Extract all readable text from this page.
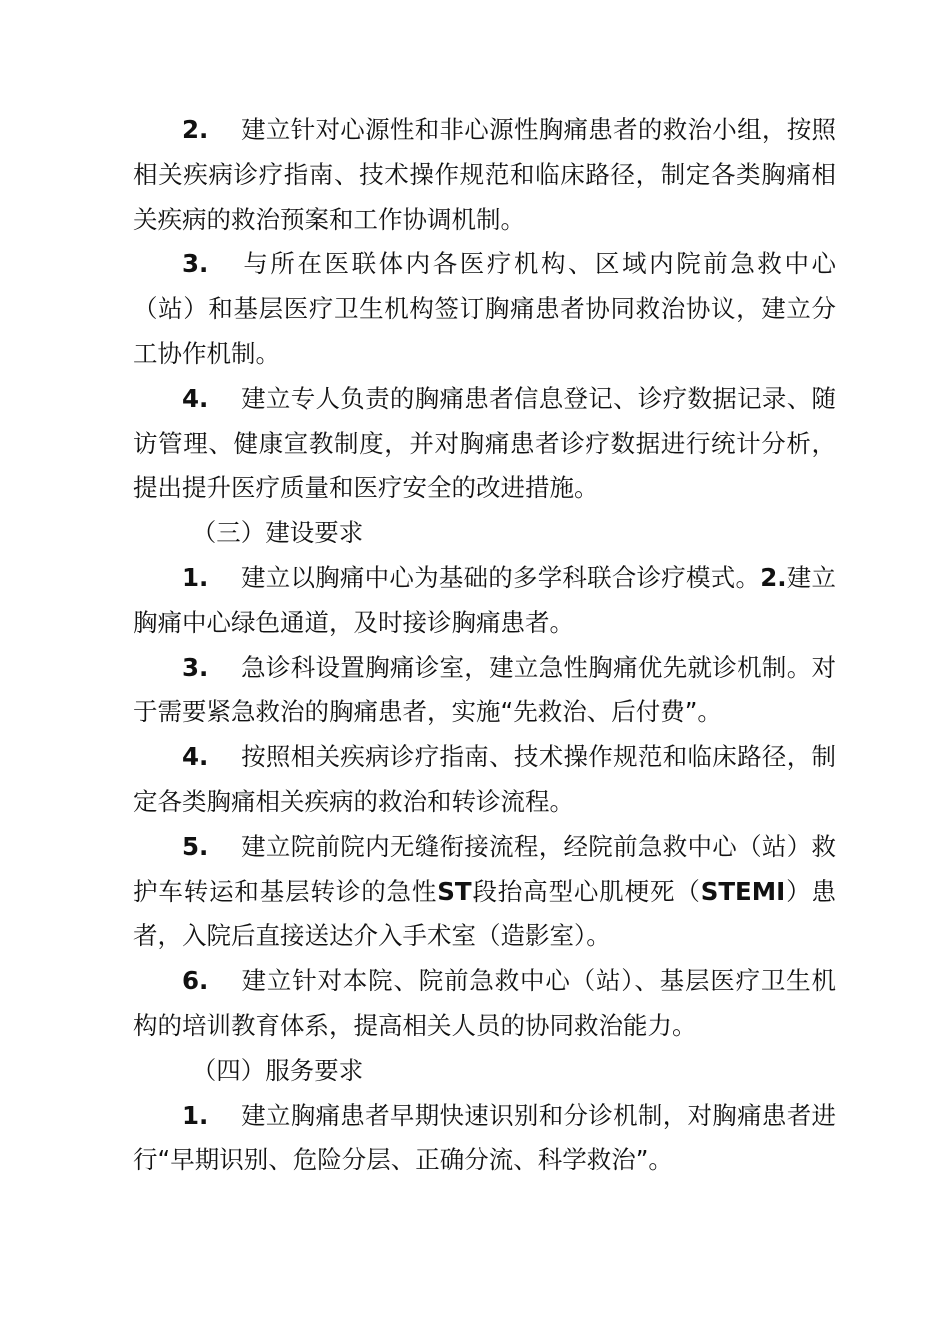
2. 建立针对心源性和非心源性胸痛患者的救治小组，按照相关疾病诊疗指南、技术操作规范和临床路径，制定各类胸痛相关疾病的救治预案和工作协调机制。

3. 与所在医联体内各医疗机构、区域内院前急救中心（站）和基层医疗卫生机构签订胸痛患者协同救治协议，建立分工协作机制。

4. 建立专人负责的胸痛患者信息登记、诊疗数据记录、随访管理、健康宣教制度，并对胸痛患者诊疗数据进行统计分析，提出提升医疗质量和医疗安全的改进措施。

（三）建设要求

1. 建立以胸痛中心为基础的多学科联合诊疗模式。2.建立胸痛中心绿色通道，及时接诊胸痛患者。

3. 急诊科设置胸痛诊室，建立急性胸痛优先就诊机制。对于需要紧急救治的胸痛患者，实施“先救治、后付费”。

4. 按照相关疾病诊疗指南、技术操作规范和临床路径，制定各类胸痛相关疾病的救治和转诊流程。

5. 建立院前院内无缝衔接流程，经院前急救中心（站）救护车转运和基层转诊的急性ST段抬高型心肌梗死（STEMI）患者，入院后直接送达介入手术室（造影室）。

6. 建立针对本院、院前急救中心（站）、基层医疗卫生机构的培训教育体系，提高相关人员的协同救治能力。

（四）服务要求

1. 建立胸痛患者早期快速识别和分诊机制，对胸痛患者进行“早期识别、危险分层、正确分流、科学救治”。
